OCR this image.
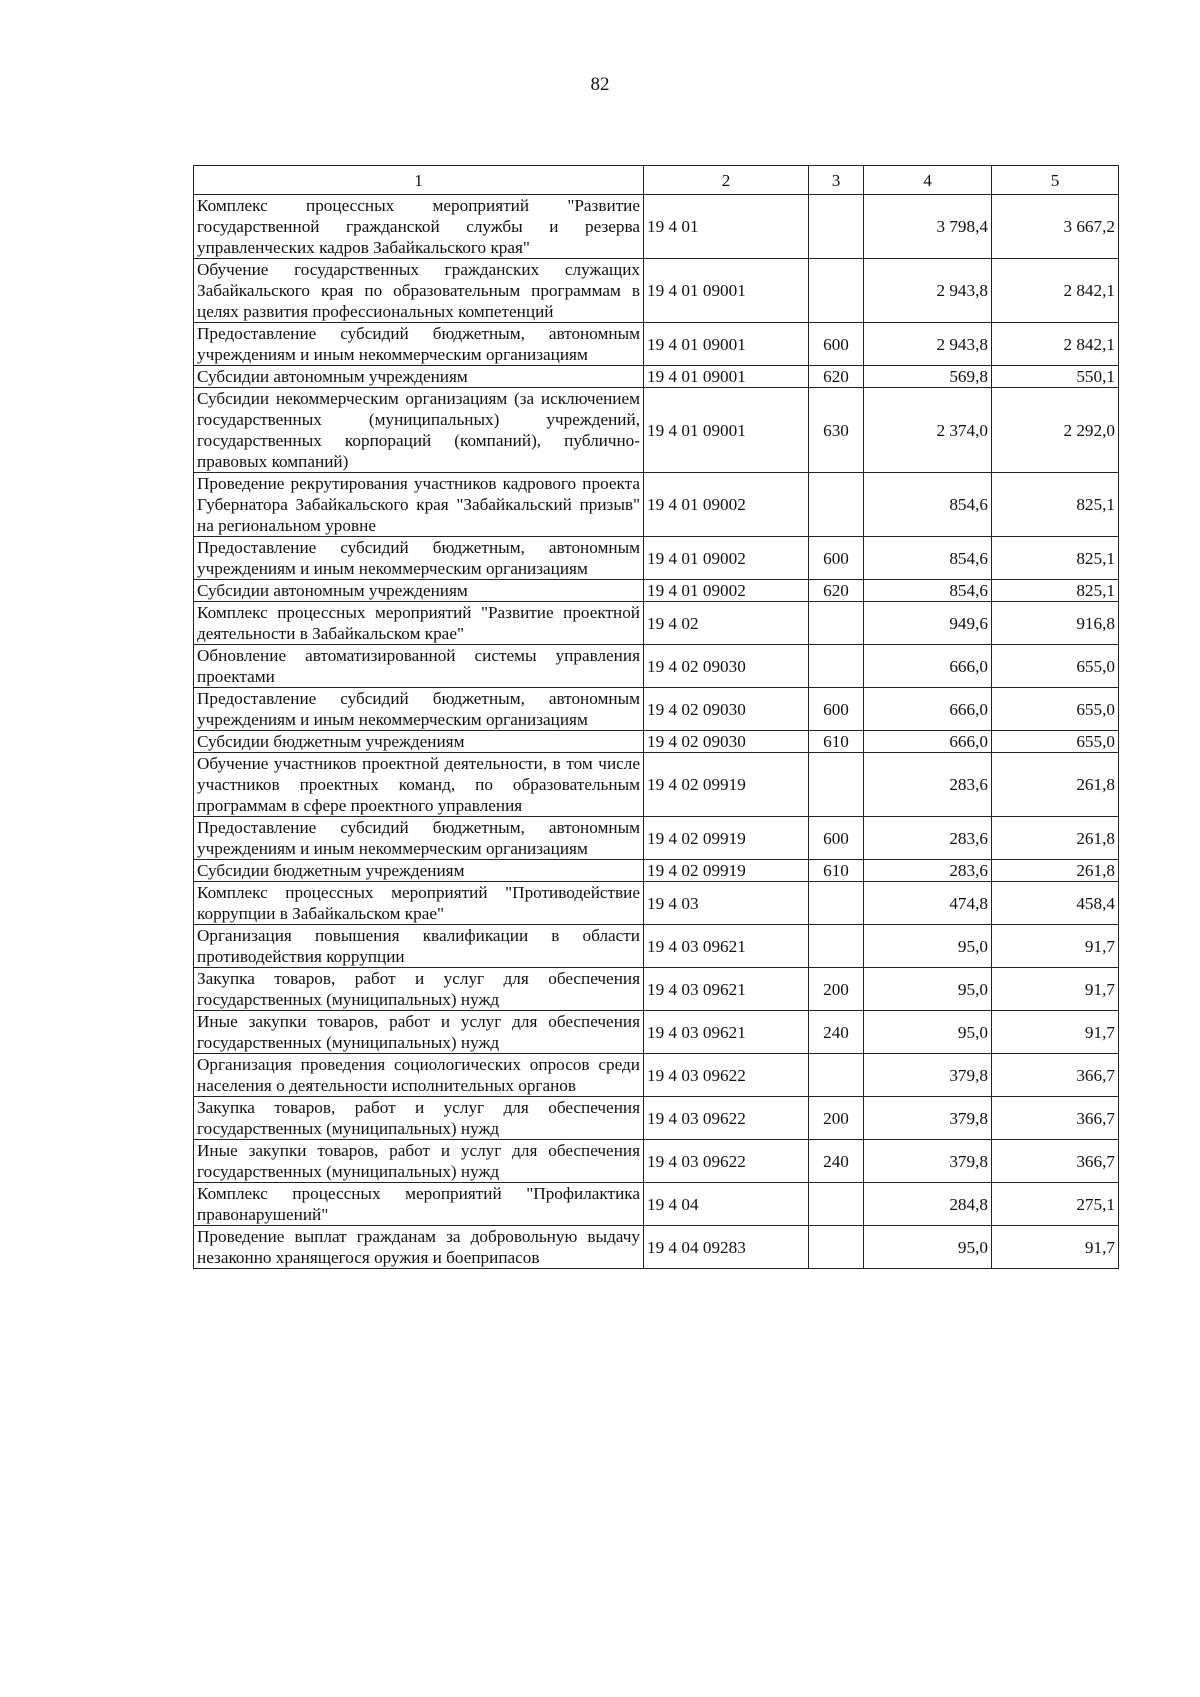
82
1	2	3	4	5
Комплекс процессных мероприятий "Развитие государственной гражданской службы и резерва управленческих кадров Забайкальского края"	19 4 01		3 798,4	3 667,2
Обучение государственных гражданских служащих Забайкальского края по образовательным программам в целях развития профессиональных компетенций	19 4 01 09001		2 943,8	2 842,1
Предоставление субсидий бюджетным, автономным учреждениям и иным некоммерческим организациям	19 4 01 09001	600	2 943,8	2 842,1
Субсидии автономным учреждениям	19 4 01 09001	620	569,8	550,1
Субсидии некоммерческим организациям (за исключением государственных (муниципальных) учреждений, государственных корпораций (компаний), публично-правовых компаний)	19 4 01 09001	630	2 374,0	2 292,0
Проведение рекрутирования участников кадрового проекта Губернатора Забайкальского края "Забайкальский призыв" на региональном уровне	19 4 01 09002		854,6	825,1
Предоставление субсидий бюджетным, автономным учреждениям и иным некоммерческим организациям	19 4 01 09002	600	854,6	825,1
Субсидии автономным учреждениям	19 4 01 09002	620	854,6	825,1
Комплекс процессных мероприятий "Развитие проектной деятельности в Забайкальском крае"	19 4 02		949,6	916,8
Обновление автоматизированной системы управления проектами	19 4 02 09030		666,0	655,0
Предоставление субсидий бюджетным, автономным учреждениям и иным некоммерческим организациям	19 4 02 09030	600	666,0	655,0
Субсидии бюджетным учреждениям	19 4 02 09030	610	666,0	655,0
Обучение участников проектной деятельности, в том числе участников проектных команд, по образовательным программам в сфере проектного управления	19 4 02 09919		283,6	261,8
Предоставление субсидий бюджетным, автономным учреждениям и иным некоммерческим организациям	19 4 02 09919	600	283,6	261,8
Субсидии бюджетным учреждениям	19 4 02 09919	610	283,6	261,8
Комплекс процессных мероприятий "Противодействие коррупции в Забайкальском крае"	19 4 03		474,8	458,4
Организация повышения квалификации в области противодействия коррупции	19 4 03 09621		95,0	91,7
Закупка товаров, работ и услуг для обеспечения государственных (муниципальных) нужд	19 4 03 09621	200	95,0	91,7
Иные закупки товаров, работ и услуг для обеспечения государственных (муниципальных) нужд	19 4 03 09621	240	95,0	91,7
Организация проведения социологических опросов среди населения о деятельности исполнительных органов	19 4 03 09622		379,8	366,7
Закупка товаров, работ и услуг для обеспечения государственных (муниципальных) нужд	19 4 03 09622	200	379,8	366,7
Иные закупки товаров, работ и услуг для обеспечения государственных (муниципальных) нужд	19 4 03 09622	240	379,8	366,7
Комплекс процессных мероприятий "Профилактика правонарушений"	19 4 04		284,8	275,1
Проведение выплат гражданам за добровольную выдачу незаконно хранящегося оружия и боеприпасов	19 4 04 09283		95,0	91,7
